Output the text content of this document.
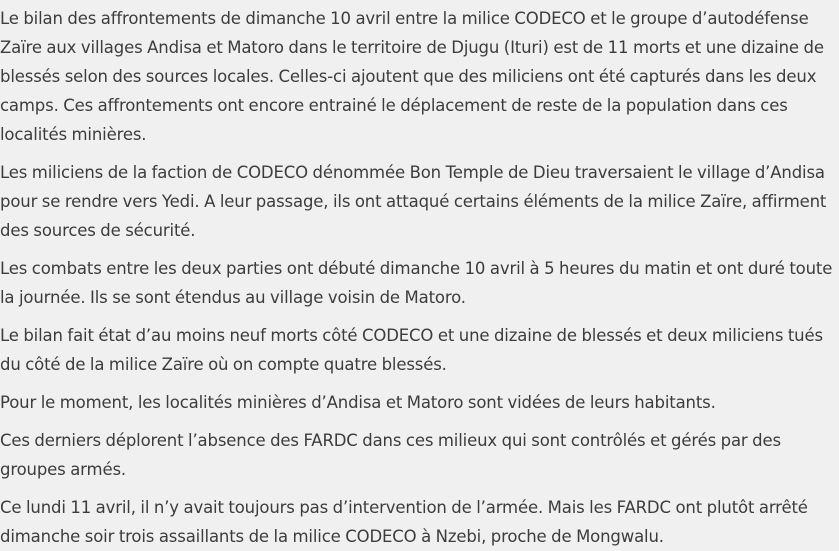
Le bilan des affrontements de dimanche 10 avril entre la milice CODECO et le groupe d’autodéfense Zaïre aux villages Andisa et Matoro dans le territoire de Djugu (Ituri) est de 11 morts et une dizaine de blessés selon des sources locales. Celles-ci ajoutent que des miliciens ont été capturés dans les deux camps. Ces affrontements ont encore entrainé le déplacement de reste de la population dans ces localités minières.

Les miliciens de la faction de CODECO dénommée Bon Temple de Dieu traversaient le village d’Andisa pour se rendre vers Yedi. A leur passage, ils ont attaqué certains éléments de la milice Zaïre, affirment des sources de sécurité.

Les combats entre les deux parties ont débuté dimanche 10 avril à 5 heures du matin et ont duré toute la journée. Ils se sont étendus au village voisin de Matoro.

Le bilan fait état d’au moins neuf morts côté CODECO et une dizaine de blessés et deux miliciens tués du côté de la milice Zaïre où on compte quatre blessés.

Pour le moment, les localités minières d’Andisa et Matoro sont vidées de leurs habitants.

Ces derniers déplorent l’absence des FARDC dans ces milieux qui sont contrôlés et gérés par des groupes armés.

Ce lundi 11 avril, il n’y avait toujours pas d’intervention de l’armée. Mais les FARDC ont plutôt arrêté dimanche soir trois assaillants de la milice CODECO à Nzebi, proche de Mongwalu.
